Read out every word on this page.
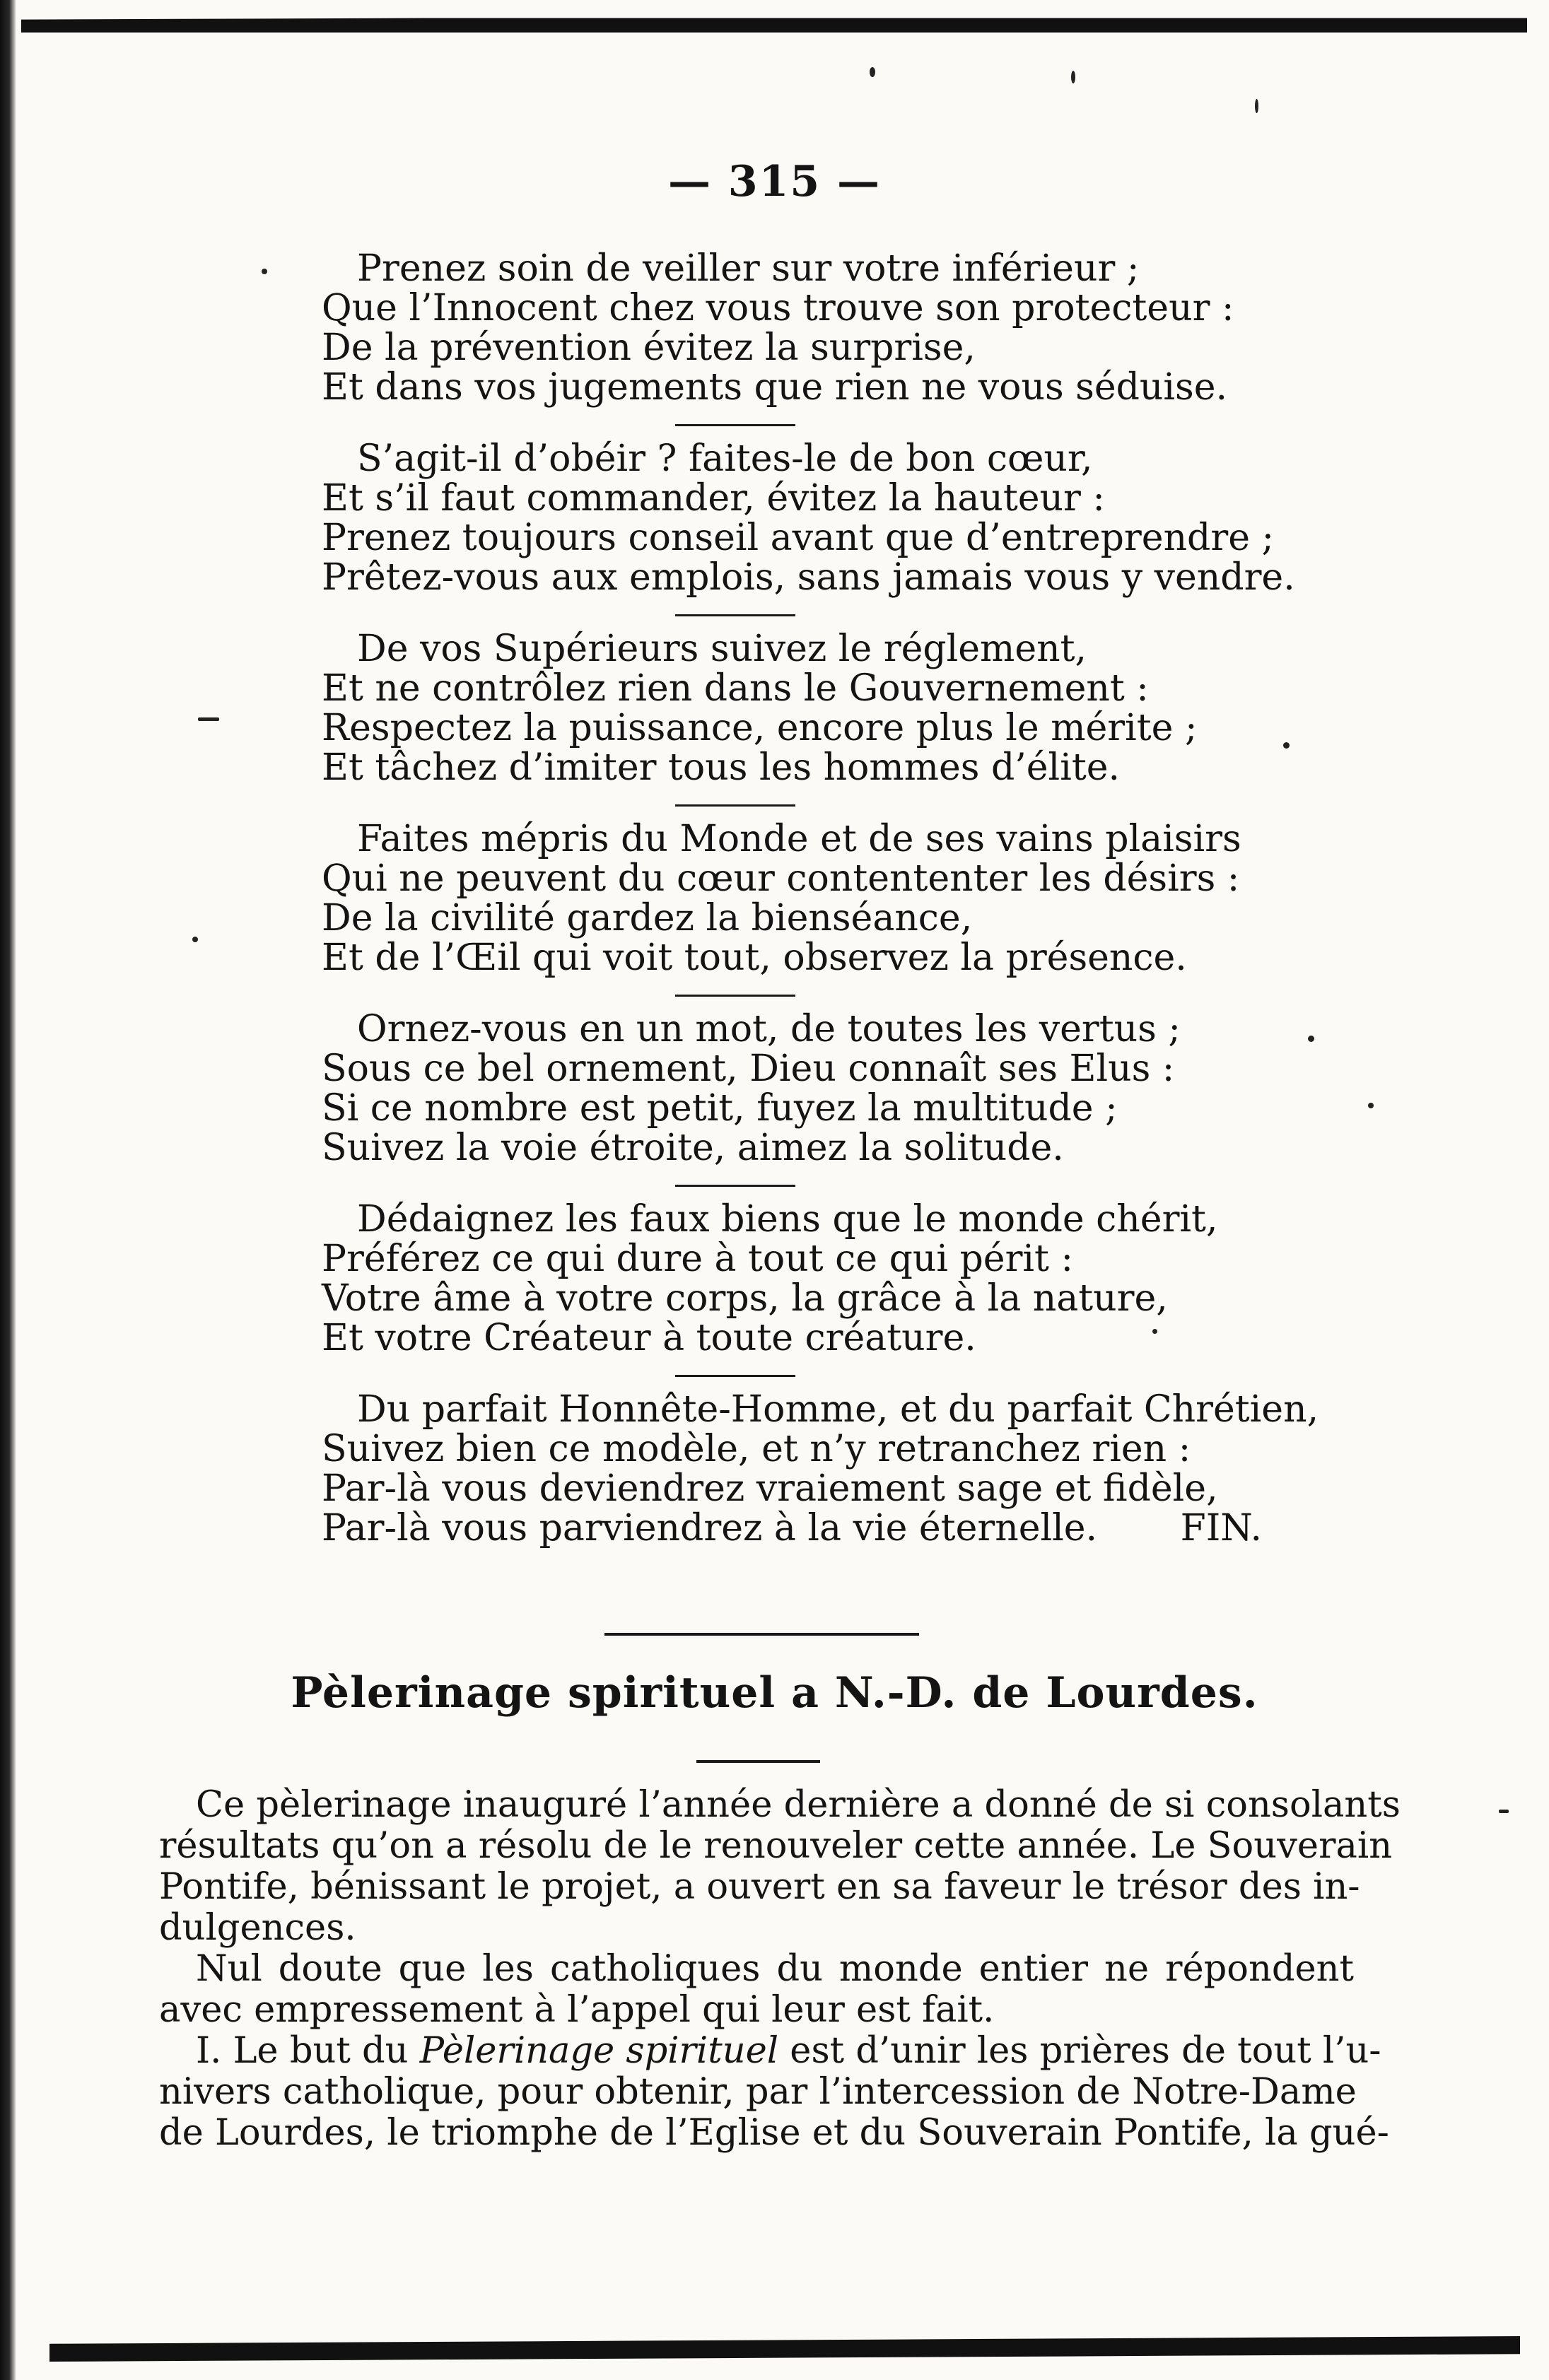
— 315 —
Prenez soin de veiller sur votre inférieur ;
Que l’Innocent chez vous trouve son protecteur :
De la prévention évitez la surprise,
Et dans vos jugements que rien ne vous séduise.
S’agit-il d’obéir ? faites-le de bon cœur,
Et s’il faut commander, évitez la hauteur :
Prenez toujours conseil avant que d’entreprendre ;
Prêtez-vous aux emplois, sans jamais vous y vendre.
De vos Supérieurs suivez le réglement,
Et ne contrôlez rien dans le Gouvernement :
Respectez la puissance, encore plus le mérite ;
Et tâchez d’imiter tous les hommes d’élite.
Faites mépris du Monde et de ses vains plaisirs
Qui ne peuvent du cœur contententer les désirs :
De la civilité gardez la bienséance,
Et de l’Œil qui voit tout, observez la présence.
Ornez-vous en un mot, de toutes les vertus ;
Sous ce bel ornement, Dieu connaît ses Elus :
Si ce nombre est petit, fuyez la multitude ;
Suivez la voie étroite, aimez la solitude.
Dédaignez les faux biens que le monde chérit,
Préférez ce qui dure à tout ce qui périt :
Votre âme à votre corps, la grâce à la nature,
Et votre Créateur à toute créature.
Du parfait Honnête-Homme, et du parfait Chrétien,
Suivez bien ce modèle, et n’y retranchez rien :
Par-là vous deviendrez vraiement sage et fidèle,
Par-là vous parviendrez à la vie éternelle. FIN.
Pèlerinage spirituel a N.-D. de Lourdes.
Ce pèlerinage inauguré l’année dernière a donné de si consolants
résultats qu’on a résolu de le renouveler cette année. Le Souverain
Pontife, bénissant le projet, a ouvert en sa faveur le trésor des in-
dulgences.
Nul doute que les catholiques du monde entier ne répondent
avec empressement à l’appel qui leur est fait.
I. Le but du Pèlerinage spirituel est d’unir les prières de tout l’u-
nivers catholique, pour obtenir, par l’intercession de Notre-Dame
de Lourdes, le triomphe de l’Eglise et du Souverain Pontife, la gué-
